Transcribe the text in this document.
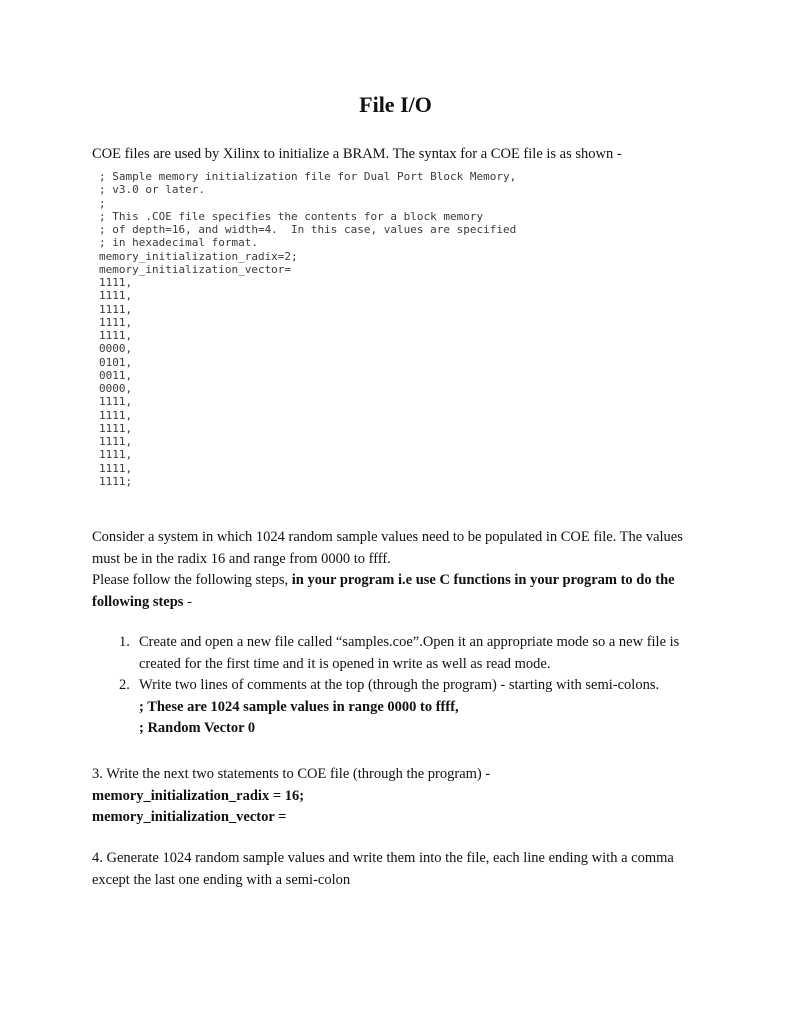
File I/O
COE files are used by Xilinx to initialize a BRAM. The syntax for a COE file is as shown -
; Sample memory initialization file for Dual Port Block Memory,
; v3.0 or later.
;
; This .COE file specifies the contents for a block memory
; of depth=16, and width=4.  In this case, values are specified
; in hexadecimal format.
memory_initialization_radix=2;
memory_initialization_vector=
1111,
1111,
1111,
1111,
1111,
0000,
0101,
0011,
0000,
1111,
1111,
1111,
1111,
1111,
1111,
1111;
Consider a system in which 1024 random sample values need to be populated in COE file. The values must be in the radix 16 and range from 0000 to ffff.
Please follow the following steps, in your program i.e use C functions in your program to do the following steps -
1. Create and open a new file called “samples.coe”.Open it an appropriate mode so a new file is created for the first time and it is opened in write as well as read mode.
2. Write two lines of comments at the top (through the program) - starting with semi-colons.
; These are 1024 sample values in range 0000 to ffff,
; Random Vector 0
3. Write the next two statements to COE file (through the program) -
memory_initialization_radix = 16;
memory_initialization_vector =
4. Generate 1024 random sample values and write them into the file, each line ending with a comma except the last one ending with a semi-colon
